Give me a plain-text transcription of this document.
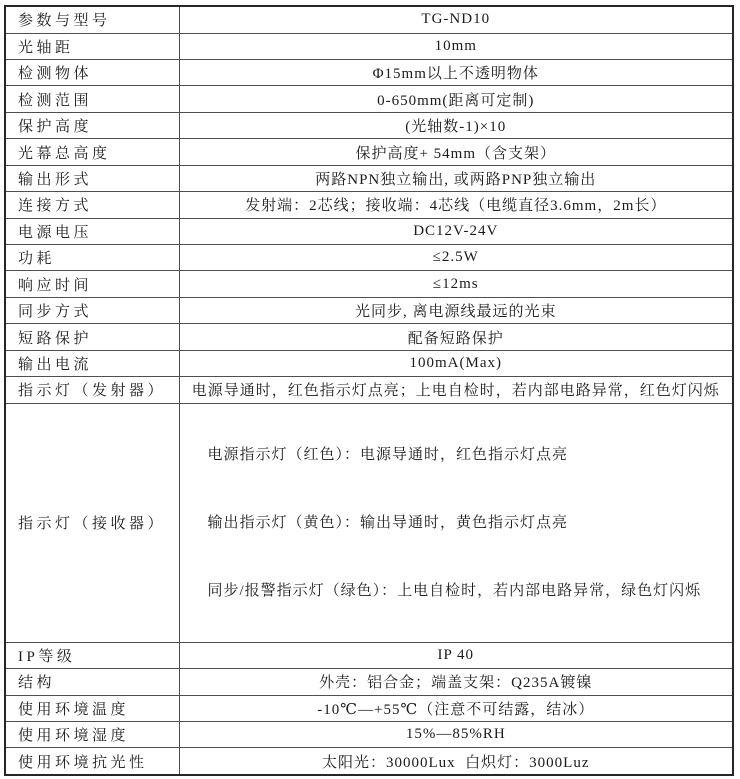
参数与型号	TG-ND10
光轴距	10mm
检测物体	Φ15mm以上不透明物体
检测范围	0-650mm(距离可定制)
保护高度	(光轴数-1)×10
光幕总高度	保护高度+ 54mm（含支架）
输出形式	两路NPN独立输出, 或两路PNP独立输出
连接方式	发射端：2芯线；接收端：4芯线（电缆直径3.6mm，2m长）
电源电压	DC12V-24V
功耗	≤2.5W
响应时间	≤12ms
同步方式	光同步, 离电源线最远的光束
短路保护	配备短路保护
输出电流	100mA(Max)
指示灯（发射器）	电源导通时，红色指示灯点亮；上电自检时，若内部电路异常，红色灯闪烁
指示灯（接收器）	电源指示灯（红色）：电源导通时，红色指示灯点亮

输出指示灯（黄色）：输出导通时，黄色指示灯点亮

同步/报警指示灯（绿色）：上电自检时，若内部电路异常，绿色灯闪烁

IP等级	IP 40
结构	外壳：铝合金；端盖支架：Q235A镀镍
使用环境温度	-10℃—+55℃（注意不可结露，结冰）
使用环境湿度	15%—85%RH
使用环境抗光性	太阳光：30000Lux  白炽灯：3000Luz
